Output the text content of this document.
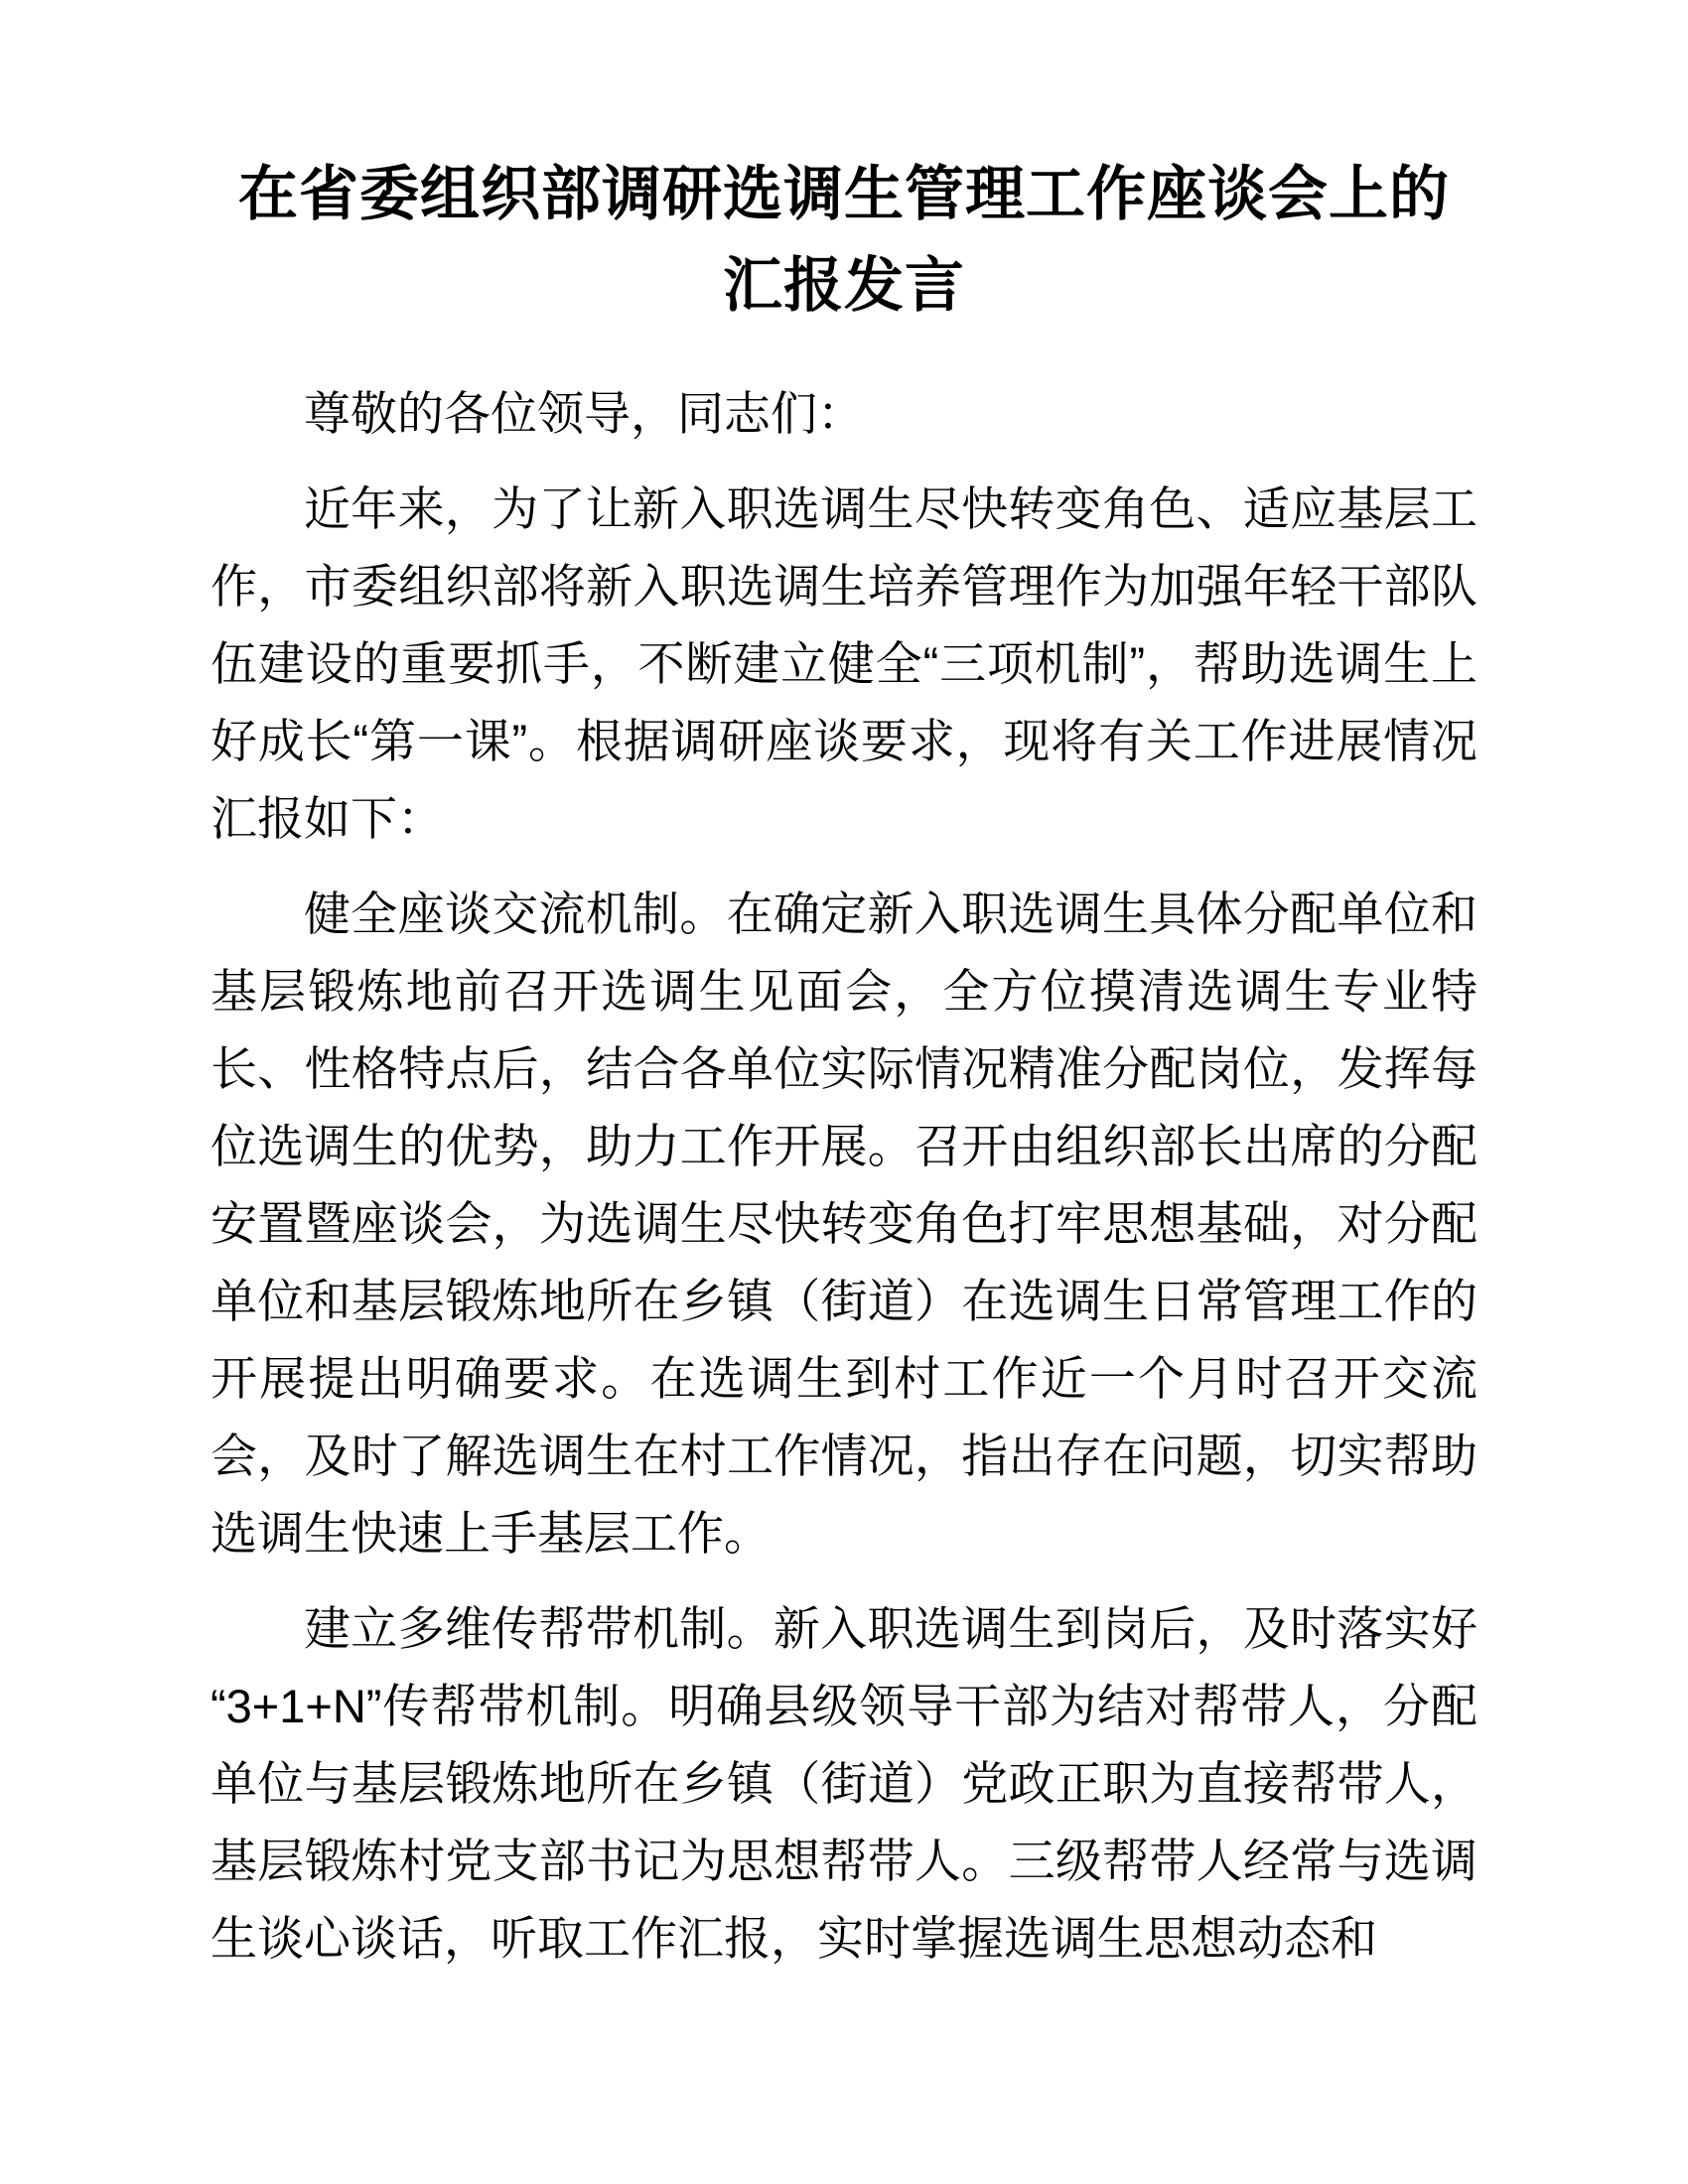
在省委组织部调研选调生管理工作座谈会上的
汇报发言

尊敬的各位领导，同志们：

近年来，为了让新入职选调生尽快转变角色、适应基层工作，市委组织部将新入职选调生培养管理作为加强年轻干部队伍建设的重要抓手，不断建立健全“三项机制”，帮助选调生上好成长“第一课”。根据调研座谈要求，现将有关工作进展情况汇报如下：

健全座谈交流机制。在确定新入职选调生具体分配单位和基层锻炼地前召开选调生见面会，全方位摸清选调生专业特长、性格特点后，结合各单位实际情况精准分配岗位，发挥每位选调生的优势，助力工作开展。召开由组织部长出席的分配安置暨座谈会，为选调生尽快转变角色打牢思想基础，对分配单位和基层锻炼地所在乡镇（街道）在选调生日常管理工作的开展提出明确要求。在选调生到村工作近一个月时召开交流会，及时了解选调生在村工作情况，指出存在问题，切实帮助选调生快速上手基层工作。

建立多维传帮带机制。新入职选调生到岗后，及时落实好“3+1+N”传帮带机制。明确县级领导干部为结对帮带人，分配单位与基层锻炼地所在乡镇（街道）党政正职为直接帮带人，基层锻炼村党支部书记为思想帮带人。三级帮带人经常与选调生谈心谈话，听取工作汇报，实时掌握选调生思想动态和
